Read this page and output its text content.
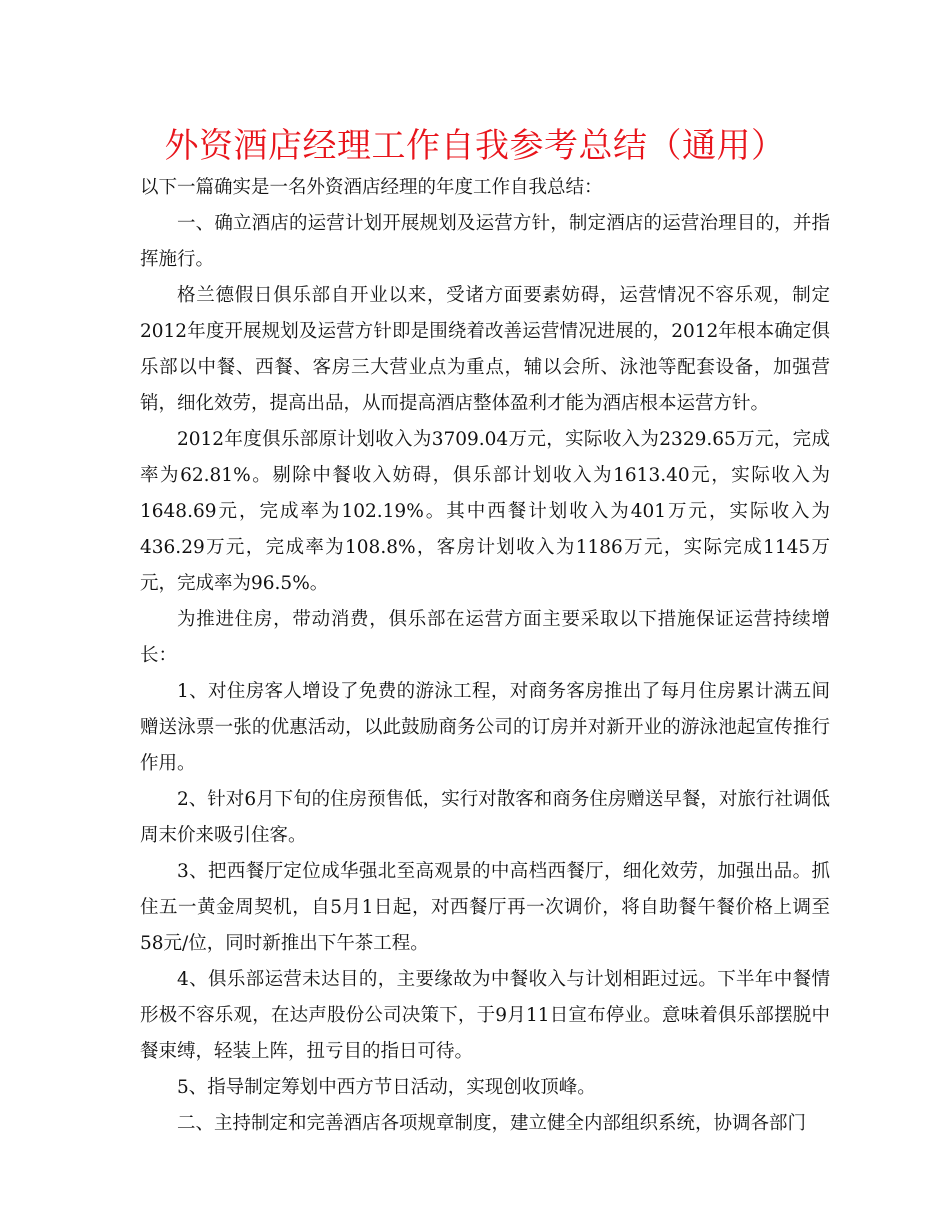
外资酒店经理工作自我参考总结（通用）

以下一篇确实是一名外资酒店经理的年度工作自我总结：

一、确立酒店的运营计划开展规划及运营方针，制定酒店的运营治理目的，并指挥施行。

格兰德假日俱乐部自开业以来，受诸方面要素妨碍，运营情况不容乐观，制定2012年度开展规划及运营方针即是围绕着改善运营情况进展的，2012年根本确定俱乐部以中餐、西餐、客房三大营业点为重点，辅以会所、泳池等配套设备，加强营销，细化效劳，提高出品，从而提高酒店整体盈利才能为酒店根本运营方针。

2012年度俱乐部原计划收入为3709.04万元，实际收入为2329.65万元，完成率为62.81%。剔除中餐收入妨碍，俱乐部计划收入为1613.40元，实际收入为1648.69元，完成率为102.19%。其中西餐计划收入为401万元，实际收入为436.29万元，完成率为108.8%，客房计划收入为1186万元，实际完成1145万元，完成率为96.5%。

为推进住房，带动消费，俱乐部在运营方面主要采取以下措施保证运营持续增长：

1、对住房客人增设了免费的游泳工程，对商务客房推出了每月住房累计满五间赠送泳票一张的优惠活动，以此鼓励商务公司的订房并对新开业的游泳池起宣传推行作用。

2、针对6月下旬的住房预售低，实行对散客和商务住房赠送早餐，对旅行社调低周末价来吸引住客。

3、把西餐厅定位成华强北至高观景的中高档西餐厅，细化效劳，加强出品。抓住五一黄金周契机，自5月1日起，对西餐厅再一次调价，将自助餐午餐价格上调至58元/位，同时新推出下午茶工程。

4、俱乐部运营未达目的，主要缘故为中餐收入与计划相距过远。下半年中餐情形极不容乐观，在达声股份公司决策下，于9月11日宣布停业。意味着俱乐部摆脱中餐束缚，轻装上阵，扭亏目的指日可待。

5、指导制定筹划中西方节日活动，实现创收顶峰。

二、主持制定和完善酒店各项规章制度，建立健全内部组织系统，协调各部门
